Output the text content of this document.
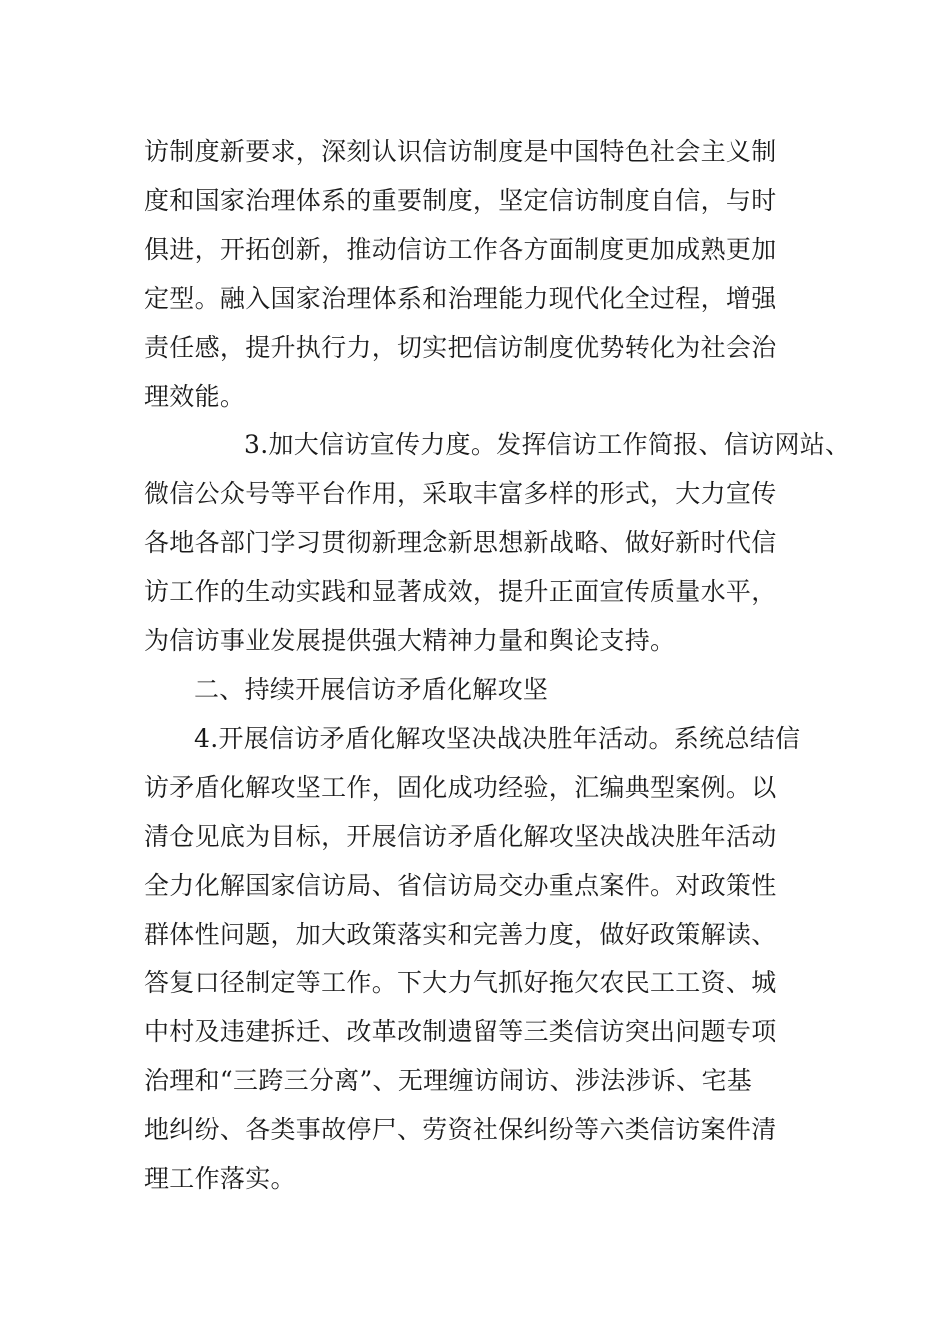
访制度新要求，深刻认识信访制度是中国特色社会主义制
度和国家治理体系的重要制度，坚定信访制度自信，与时
俱进，开拓创新，推动信访工作各方面制度更加成熟更加
定型。融入国家治理体系和治理能力现代化全过程，增强
责任感，提升执行力，切实把信访制度优势转化为社会治
理效能。
3.加大信访宣传力度。发挥信访工作简报、信访网站、
微信公众号等平台作用，采取丰富多样的形式，大力宣传
各地各部门学习贯彻新理念新思想新战略、做好新时代信
访工作的生动实践和显著成效，提升正面宣传质量水平，
为信访事业发展提供强大精神力量和舆论支持。
二、持续开展信访矛盾化解攻坚
4.开展信访矛盾化解攻坚决战决胜年活动。系统总结信
访矛盾化解攻坚工作，固化成功经验，汇编典型案例。以
清仓见底为目标，开展信访矛盾化解攻坚决战决胜年活动
全力化解国家信访局、省信访局交办重点案件。对政策性
群体性问题，加大政策落实和完善力度，做好政策解读、
答复口径制定等工作。下大力气抓好拖欠农民工工资、城
中村及违建拆迁、改革改制遗留等三类信访突出问题专项
治理和“三跨三分离”、无理缠访闹访、涉法涉诉、宅基
地纠纷、各类事故停尸、劳资社保纠纷等六类信访案件清
理工作落实。
